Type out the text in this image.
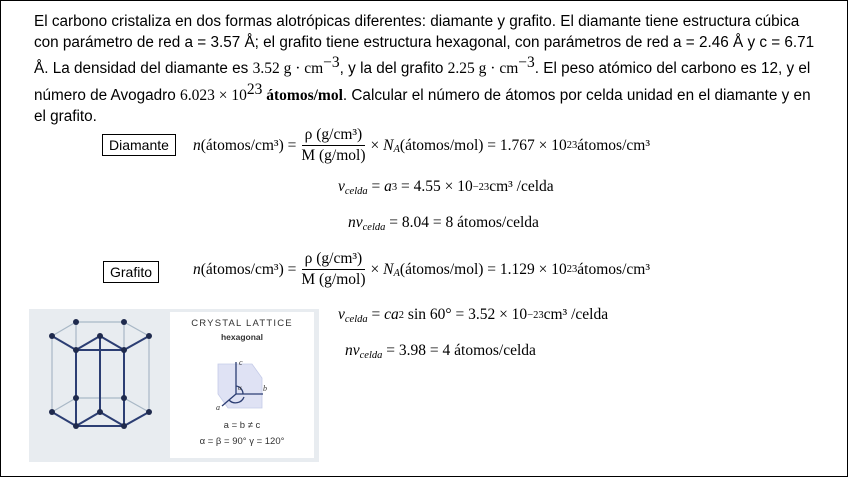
El carbono cristaliza en dos formas alotrópicas diferentes: diamante y grafito. El diamante tiene estructura cúbica con parámetro de red a = 3.57 Å; el grafito tiene estructura hexagonal, con parámetros de red a = 2.46 Å y c = 6.71 Å. La densidad del diamante es 3.52 $g \cdot cm^{-3}$, y la del grafito 2.25 $g \cdot cm^{-3}$. El peso atómico del carbono es 12, y el número de Avogadro $6.023 \times 10^{23}$ átomos/mol. Calcular el número de átomos por celda unidad en el diamante y en el grafito.
Diamante	n (átomos/cm³) = $\frac{\text{ρ (g/cm³)}}{\text{M (g/mol)}}$ ×
N A (átomos/mol) =
1.767 × 10 23 átomos/cm³
v celda = a 3 = 4.55 × 10 −23 cm³ /celda
nv celda = 8.04 = 8 átomos/celda
Grafito	n (átomos/cm³) = $\frac{\text{ρ (g/cm³)}}{\text{M (g/mol)}}$ ×
N A (átomos/mol) =
1.129 × 10 23 átomos/cm³
v celda = ca 2 sin 60° = 3.52 × 10 −23 cm³ /celda
nv celda = 3.98 = 4 átomos/celda
CRYSTAL LATTICE
hexagonal
c
b
a
α
a = b ≠ c
α = β = 90° γ = 120°
